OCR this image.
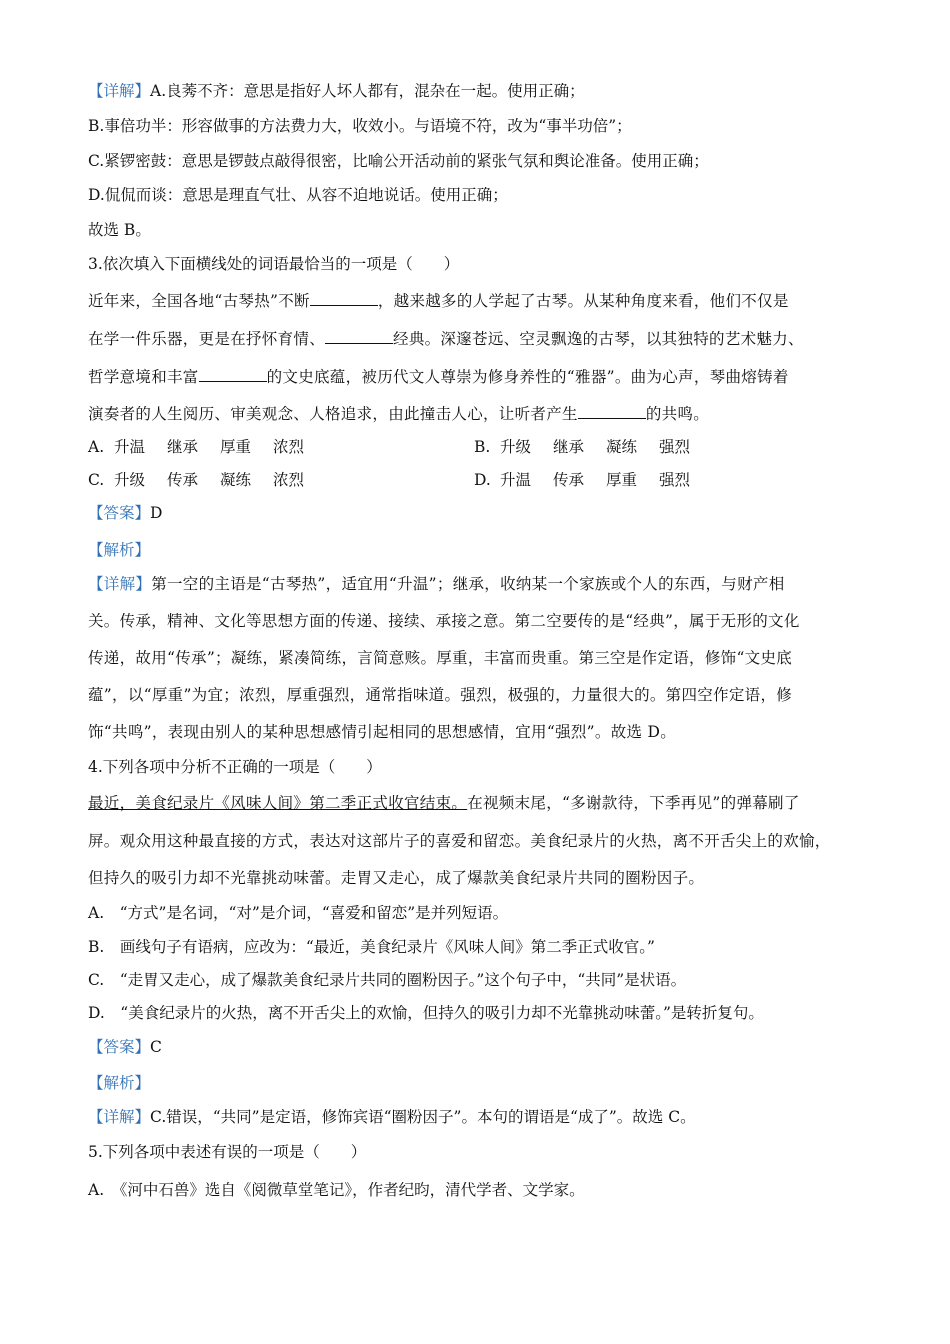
【详解】A.良莠不齐：意思是指好人坏人都有，混杂在一起。使用正确；
B.事倍功半：形容做事的方法费力大，收效小。与语境不符，改为“事半功倍”；
C.紧锣密鼓：意思是锣鼓点敲得很密，比喻公开活动前的紧张气氛和舆论准备。使用正确；
D.侃侃而谈：意思是理直气壮、从容不迫地说话。使用正确；
故选 B。
3.依次填入下面横线处的词语最恰当的一项是（　　）
近年来，全国各地“古琴热”不断	，越来越多的人学起了古琴。从某种角度来看，他们不仅是
在学一件乐器，更是在抒怀育情、	经典。深邃苍远、空灵飘逸的古琴，以其独特的艺术魅力、
哲学意境和丰富	的文史底蕴，被历代文人尊崇为修身养性的“雅器”。曲为心声，琴曲熔铸着
演奏者的人生阅历、审美观念、人格追求，由此撞击人心，让听者产生	的共鸣。
A. 升温 继承 厚重 浓烈	B. 升级 继承 凝练 强烈
C. 升级 传承 凝练 浓烈	D. 升温 传承 厚重 强烈
【答案】D
【解析】
【详解】第一空的主语是“古琴热”，适宜用“升温”；继承，收纳某一个家族或个人的东西，与财产相
关。传承，精神、文化等思想方面的传递、接续、承接之意。第二空要传的是“经典”，属于无形的文化
传递，故用“传承”；凝练，紧凑简练，言简意赅。厚重，丰富而贵重。第三空是作定语，修饰“文史底
蕴”，以“厚重”为宜；浓烈，厚重强烈，通常指味道。强烈，极强的，力量很大的。第四空作定语，修
饰“共鸣”，表现由别人的某种思想感情引起相同的思想感情，宜用“强烈”。故选 D。
4.下列各项中分析不正确的一项是（　　）
最近，美食纪录片《风味人间》第二季正式收官结束。在视频末尾，“多谢款待，下季再见”的弹幕刷了
屏。观众用这种最直接的方式，表达对这部片子的喜爱和留恋。美食纪录片的火热，离不开舌尖上的欢愉，
但持久的吸引力却不光靠挑动味蕾。走胃又走心，成了爆款美食纪录片共同的圈粉因子。
A.　“方式”是名词，“对”是介词，“喜爱和留恋”是并列短语。
B.　画线句子有语病，应改为：“最近，美食纪录片《风味人间》第二季正式收官。”
C.　“走胃又走心，成了爆款美食纪录片共同的圈粉因子。”这个句子中，“共同”是状语。
D.　“美食纪录片的火热，离不开舌尖上的欢愉，但持久的吸引力却不光靠挑动味蕾。”是转折复句。
【答案】C
【解析】
【详解】C.错误，“共同”是定语，修饰宾语“圈粉因子”。本句的谓语是“成了”。故选 C。
5.下列各项中表述有误的一项是（　　）
A.　《河中石兽》选自《阅微草堂笔记》，作者纪昀，清代学者、文学家。
